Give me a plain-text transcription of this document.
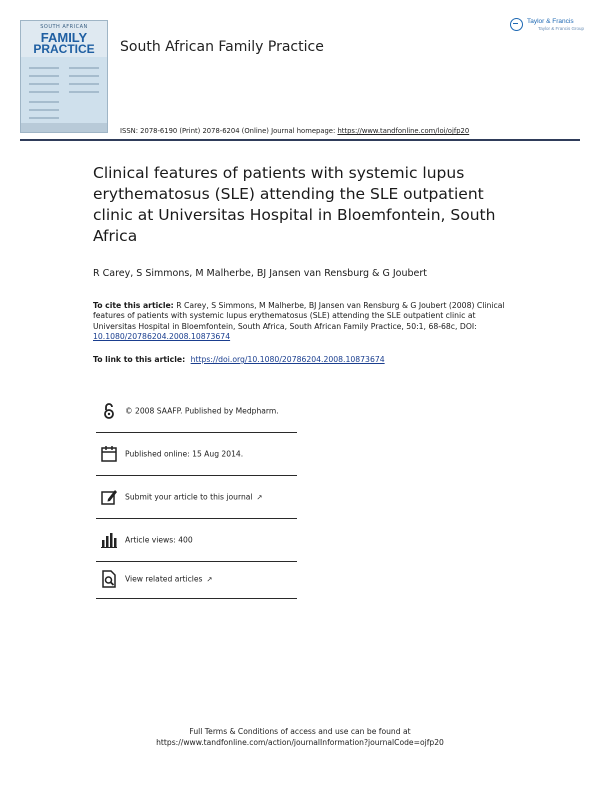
SOUTH AFRICAN
FAMILY
PRACTICE	South African Family Practice
Taylor & Francis
Taylor & Francis Group
ISSN: 2078-6190 (Print) 2078-6204 (Online) Journal homepage: https://www.tandfonline.com/loi/ojfp20
Clinical features of patients with systemic lupus erythematosus (SLE) attending the SLE outpatient clinic at Universitas Hospital in Bloemfontein, South Africa
R Carey, S Simmons, M Malherbe, BJ Jansen van Rensburg & G Joubert
To cite this article: R Carey, S Simmons, M Malherbe, BJ Jansen van Rensburg & G Joubert (2008) Clinical features of patients with systemic lupus erythematosus (SLE) attending the SLE outpatient clinic at Universitas Hospital in Bloemfontein, South Africa, South African Family Practice, 50:1, 68-68c, DOI: 10.1080/20786204.2008.10873674
To link to this article: https://doi.org/10.1080/20786204.2008.10873674
© 2008 SAAFP. Published by Medpharm.
Published online: 15 Aug 2014.
Submit your article to this journal ↗
Article views: 400
View related articles ↗
Full Terms & Conditions of access and use can be found at
https://www.tandfonline.com/action/journalInformation?journalCode=ojfp20
